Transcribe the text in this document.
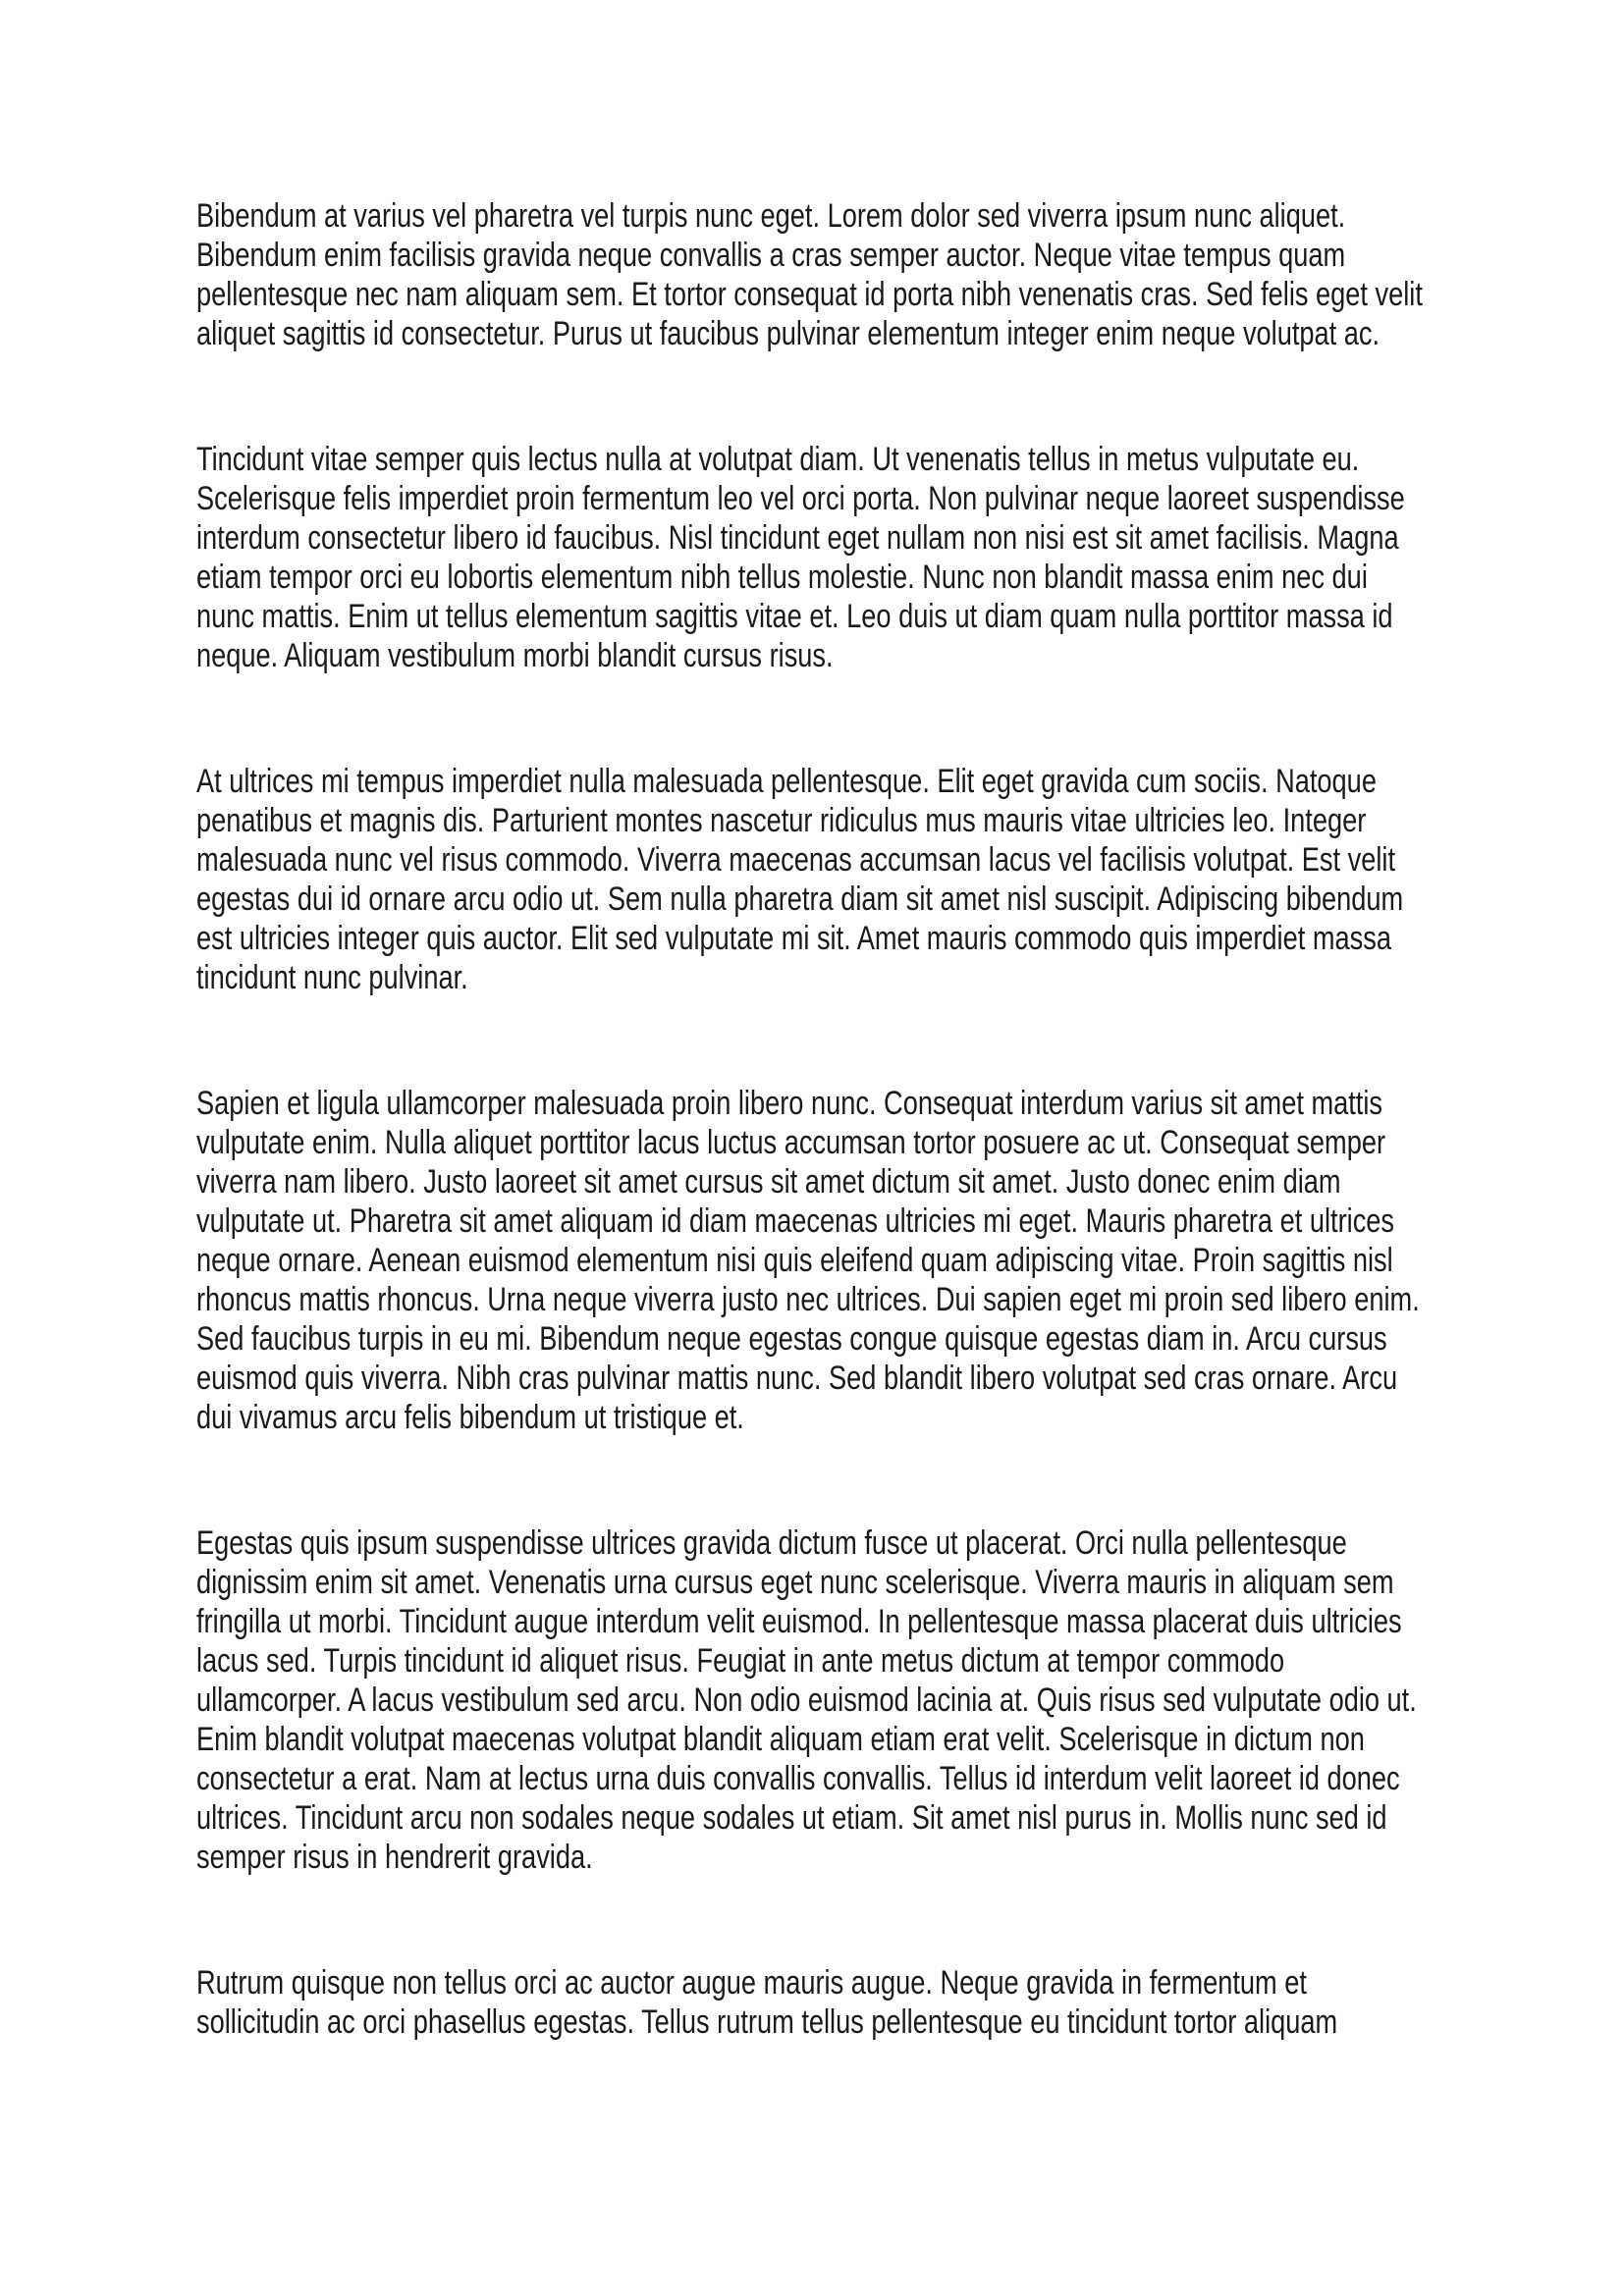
Bibendum at varius vel pharetra vel turpis nunc eget. Lorem dolor sed viverra ipsum nunc aliquet. Bibendum enim facilisis gravida neque convallis a cras semper auctor. Neque vitae tempus quam pellentesque nec nam aliquam sem. Et tortor consequat id porta nibh venenatis cras. Sed felis eget velit aliquet sagittis id consectetur. Purus ut faucibus pulvinar elementum integer enim neque volutpat ac.

Tincidunt vitae semper quis lectus nulla at volutpat diam. Ut venenatis tellus in metus vulputate eu. Scelerisque felis imperdiet proin fermentum leo vel orci porta. Non pulvinar neque laoreet suspendisse interdum consectetur libero id faucibus. Nisl tincidunt eget nullam non nisi est sit amet facilisis. Magna etiam tempor orci eu lobortis elementum nibh tellus molestie. Nunc non blandit massa enim nec dui nunc mattis. Enim ut tellus elementum sagittis vitae et. Leo duis ut diam quam nulla porttitor massa id neque. Aliquam vestibulum morbi blandit cursus risus.

At ultrices mi tempus imperdiet nulla malesuada pellentesque. Elit eget gravida cum sociis. Natoque penatibus et magnis dis. Parturient montes nascetur ridiculus mus mauris vitae ultricies leo. Integer malesuada nunc vel risus commodo. Viverra maecenas accumsan lacus vel facilisis volutpat. Est velit egestas dui id ornare arcu odio ut. Sem nulla pharetra diam sit amet nisl suscipit. Adipiscing bibendum est ultricies integer quis auctor. Elit sed vulputate mi sit. Amet mauris commodo quis imperdiet massa tincidunt nunc pulvinar.

Sapien et ligula ullamcorper malesuada proin libero nunc. Consequat interdum varius sit amet mattis vulputate enim. Nulla aliquet porttitor lacus luctus accumsan tortor posuere ac ut. Consequat semper viverra nam libero. Justo laoreet sit amet cursus sit amet dictum sit amet. Justo donec enim diam vulputate ut. Pharetra sit amet aliquam id diam maecenas ultricies mi eget. Mauris pharetra et ultrices neque ornare. Aenean euismod elementum nisi quis eleifend quam adipiscing vitae. Proin sagittis nisl rhoncus mattis rhoncus. Urna neque viverra justo nec ultrices. Dui sapien eget mi proin sed libero enim. Sed faucibus turpis in eu mi. Bibendum neque egestas congue quisque egestas diam in. Arcu cursus euismod quis viverra. Nibh cras pulvinar mattis nunc. Sed blandit libero volutpat sed cras ornare. Arcu dui vivamus arcu felis bibendum ut tristique et.

Egestas quis ipsum suspendisse ultrices gravida dictum fusce ut placerat. Orci nulla pellentesque dignissim enim sit amet. Venenatis urna cursus eget nunc scelerisque. Viverra mauris in aliquam sem fringilla ut morbi. Tincidunt augue interdum velit euismod. In pellentesque massa placerat duis ultricies lacus sed. Turpis tincidunt id aliquet risus. Feugiat in ante metus dictum at tempor commodo ullamcorper. A lacus vestibulum sed arcu. Non odio euismod lacinia at. Quis risus sed vulputate odio ut. Enim blandit volutpat maecenas volutpat blandit aliquam etiam erat velit. Scelerisque in dictum non consectetur a erat. Nam at lectus urna duis convallis convallis. Tellus id interdum velit laoreet id donec ultrices. Tincidunt arcu non sodales neque sodales ut etiam. Sit amet nisl purus in. Mollis nunc sed id semper risus in hendrerit gravida.

Rutrum quisque non tellus orci ac auctor augue mauris augue. Neque gravida in fermentum et sollicitudin ac orci phasellus egestas. Tellus rutrum tellus pellentesque eu tincidunt tortor aliquam
